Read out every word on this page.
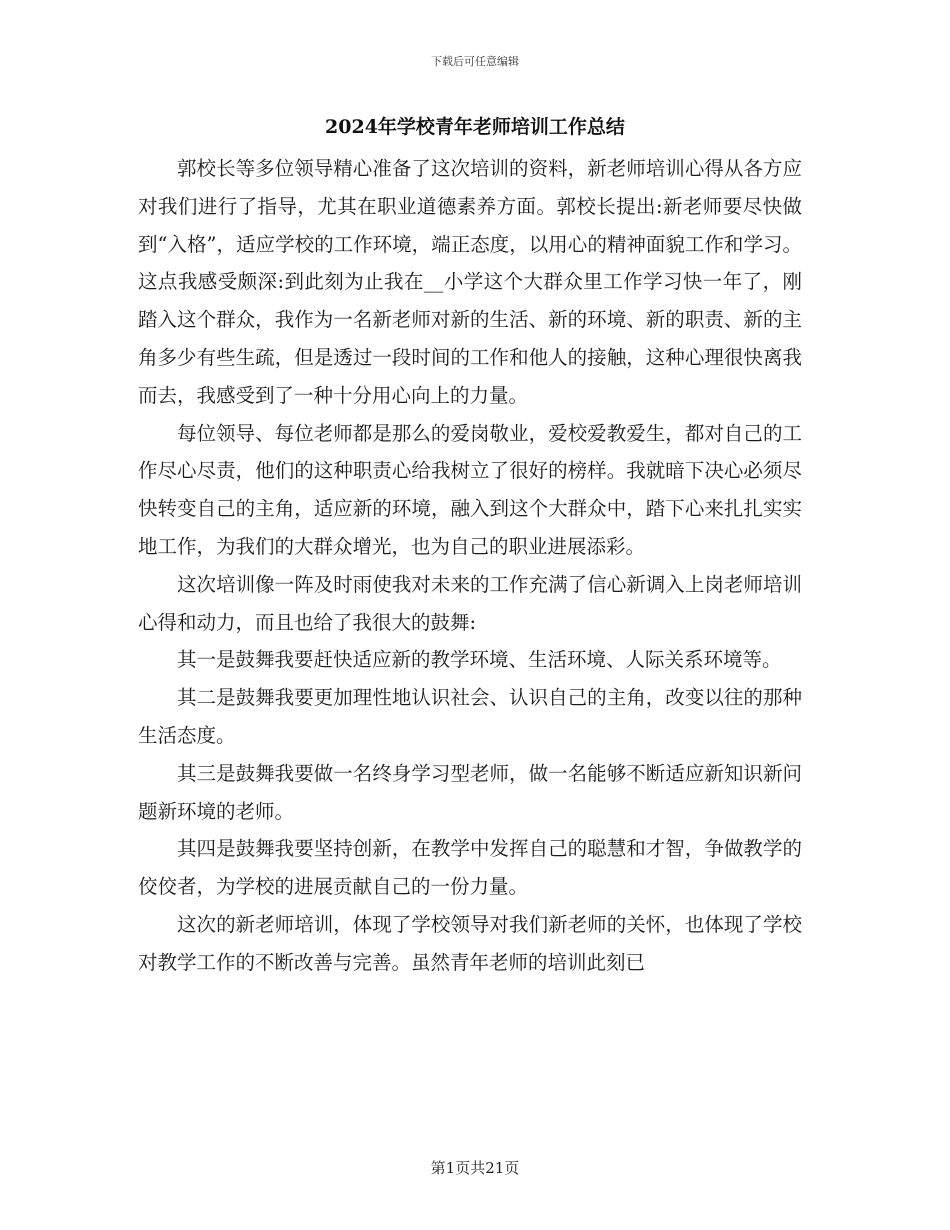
下载后可任意编辑
2024年学校青年老师培训工作总结

郭校长等多位领导精心准备了这次培训的资料，新老师培训心得从各方应对我们进行了指导，尤其在职业道德素养方面。郭校长提出:新老师要尽快做到“入格”，适应学校的工作环境，端正态度，以用心的精神面貌工作和学习。这点我感受颇深:到此刻为止我在__小学这个大群众里工作学习快一年了，刚踏入这个群众，我作为一名新老师对新的生活、新的环境、新的职责、新的主角多少有些生疏，但是透过一段时间的工作和他人的接触，这种心理很快离我而去，我感受到了一种十分用心向上的力量。

每位领导、每位老师都是那么的爱岗敬业，爱校爱教爱生，都对自己的工作尽心尽责，他们的这种职责心给我树立了很好的榜样。我就暗下决心必须尽快转变自己的主角，适应新的环境，融入到这个大群众中，踏下心来扎扎实实地工作，为我们的大群众增光，也为自己的职业进展添彩。

这次培训像一阵及时雨使我对未来的工作充满了信心新调入上岗老师培训心得和动力，而且也给了我很大的鼓舞:

其一是鼓舞我要赶快适应新的教学环境、生活环境、人际关系环境等。

其二是鼓舞我要更加理性地认识社会、认识自己的主角，改变以往的那种生活态度。

其三是鼓舞我要做一名终身学习型老师，做一名能够不断适应新知识新问题新环境的老师。

其四是鼓舞我要坚持创新，在教学中发挥自己的聪慧和才智，争做教学的佼佼者，为学校的进展贡献自己的一份力量。

这次的新老师培训，体现了学校领导对我们新老师的关怀，也体现了学校对教学工作的不断改善与完善。虽然青年老师的培训此刻已

第1页共21页
